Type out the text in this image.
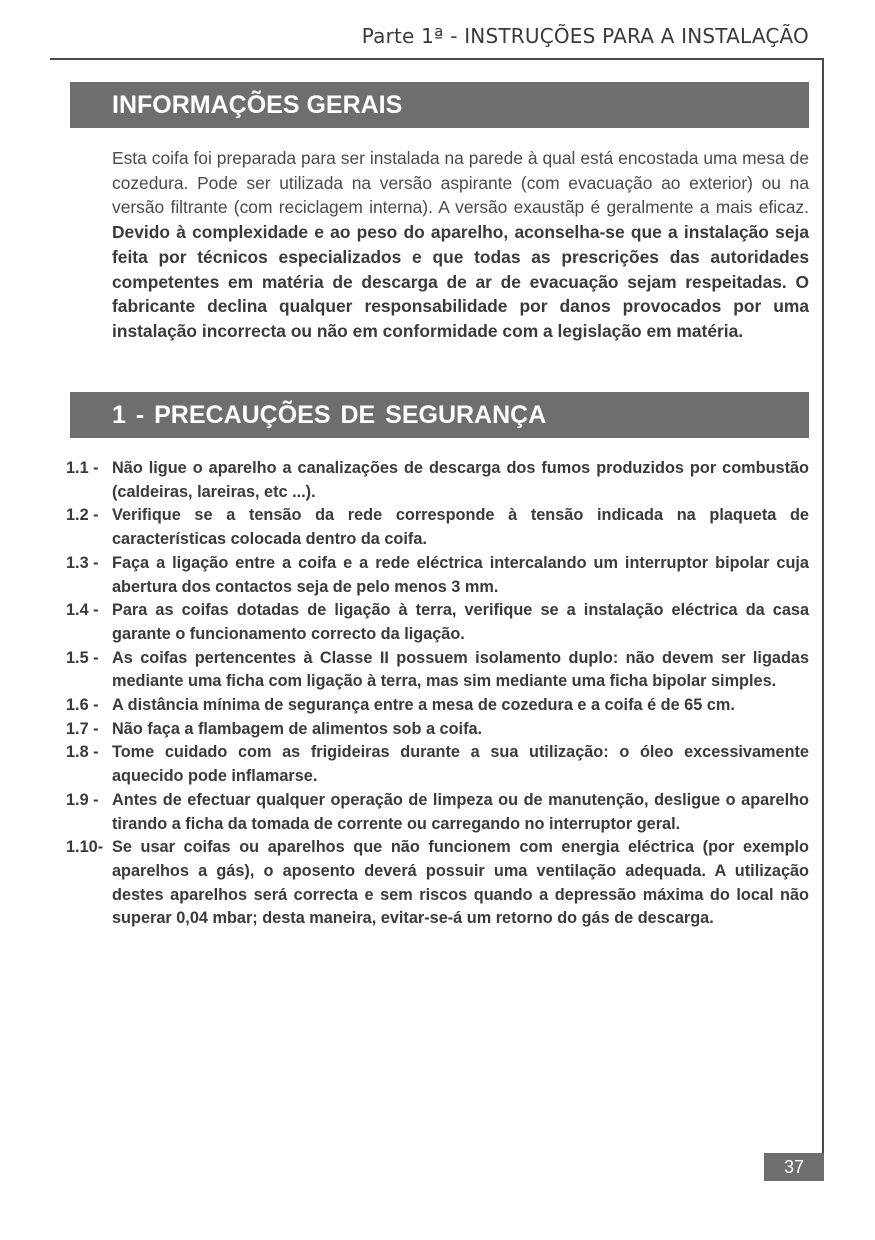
Parte 1ª - INSTRUÇÕES PARA A INSTALAÇÃO
INFORMAÇÕES GERAIS
Esta coifa foi preparada para ser instalada na parede à qual está encostada uma mesa de cozedura. Pode ser utilizada na versão aspirante (com evacuação ao exterior) ou na versão filtrante (com reciclagem interna). A versão exaustãp é geralmente a mais eficaz. Devido à complexidade e ao peso do aparelho, aconselha-se que a instalação seja feita por técnicos especializados e que todas as prescrições das autoridades competentes em matéria de descarga de ar de evacuação sejam respeitadas. O fabricante declina qualquer responsabilidade por danos provocados por uma instalação incorrecta ou não em conformidade com a legislação em matéria.
1 - PRECAUÇÕES DE SEGURANÇA
1.1 - Não ligue o aparelho a canalizações de descarga dos fumos produzidos por combustão (caldeiras, lareiras, etc ...).
1.2 - Verifique se a tensão da rede corresponde à tensão indicada na plaqueta de características colocada dentro da coifa.
1.3 - Faça a ligação entre a coifa e a rede eléctrica intercalando um interruptor bipolar cuja abertura dos contactos seja de pelo menos 3 mm.
1.4 - Para as coifas dotadas de ligação à terra, verifique se a instalação eléctrica da casa garante o funcionamento correcto da ligação.
1.5 - As coifas pertencentes à Classe II possuem isolamento duplo: não devem ser ligadas mediante uma ficha com ligação à terra, mas sim mediante uma ficha bipolar simples.
1.6 - A distância mínima de segurança entre a mesa de cozedura e a coifa é de 65 cm.
1.7 - Não faça a flambagem de alimentos sob a coifa.
1.8 - Tome cuidado com as frigideiras durante a sua utilização: o óleo excessivamente aquecido pode inflamarse.
1.9 - Antes de efectuar qualquer operação de limpeza ou de manutenção, desligue o aparelho tirando a ficha da tomada de corrente ou carregando no interruptor geral.
1.10- Se usar coifas ou aparelhos que não funcionem com energia eléctrica (por exemplo aparelhos a gás), o aposento deverá possuir uma ventilação adequada. A utilização destes aparelhos será correcta e sem riscos quando a depressão máxima do local não superar 0,04 mbar; desta maneira, evitar-se-á um retorno do gás de descarga.
37
